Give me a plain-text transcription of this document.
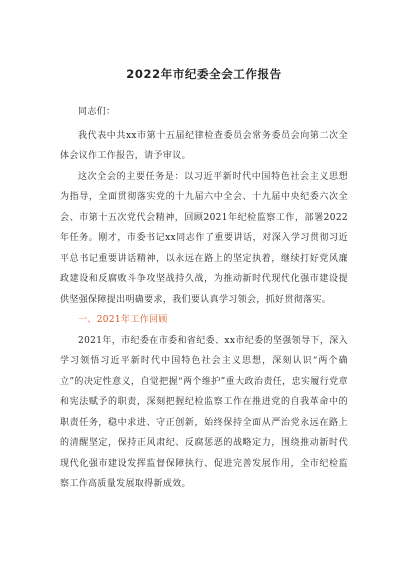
2022年市纪委全会工作报告

同志们：

我代表中共xx市第十五届纪律检查委员会常务委员会向第二次全体会议作工作报告，请予审议。

这次全会的主要任务是：以习近平新时代中国特色社会主义思想为指导，全面贯彻落实党的十九届六中全会、十九届中央纪委六次全会、市第十五次党代会精神，回顾2021年纪检监察工作，部署2022年任务。刚才，市委书记xx同志作了重要讲话，对深入学习贯彻习近平总书记重要讲话精神，以永远在路上的坚定执着，继续打好党风廉政建设和反腐败斗争攻坚战持久战，为推动新时代现代化强市建设提供坚强保障提出明确要求，我们要认真学习领会，抓好贯彻落实。

一、2021年工作回顾

2021年，市纪委在市委和省纪委、xx市纪委的坚强领导下，深入学习领悟习近平新时代中国特色社会主义思想，深刻认识“两个确立”的决定性意义，自觉把握“两个维护”重大政治责任，忠实履行党章和宪法赋予的职责，深刻把握纪检监察工作在推进党的自我革命中的职责任务，稳中求进、守正创新，始终保持全面从严治党永远在路上的清醒坚定，保持正风肃纪、反腐惩恶的战略定力，围绕推动新时代现代化强市建设发挥监督保障执行、促进完善发展作用，全市纪检监察工作高质量发展取得新成效。
